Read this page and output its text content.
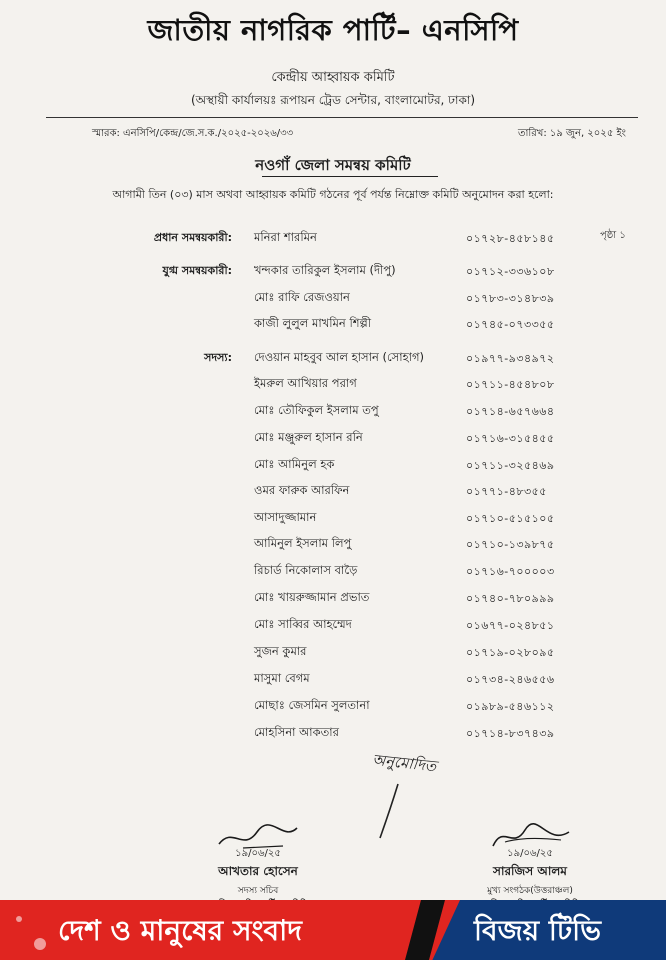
জাতীয় নাগরিক পার্টি– এনসিপি
কেন্দ্রীয় আহ্বায়ক কমিটি
(অস্থায়ী কার্যালয়ঃ রূপায়ন ট্রেড সেন্টার, বাংলামোটর, ঢাকা)
স্মারক: এনসিপি/কেন্দ্র/জে.স.ক./২০২৫-২০২৬/৩৩	তারিখ: ১৯ জুন, ২০২৫ ইং
নওগাঁ জেলা সমন্বয় কমিটি
আগামী তিন (০৩) মাস অথবা আহ্বায়ক কমিটি গঠনের পূর্ব পর্যন্ত নিম্নোক্ত কমিটি অনুমোদন করা হলো:
পৃষ্ঠা ১
প্রধান সমন্বয়কারী: মনিরা শারমিন	০১৭২৮-৪৫৮১৪৫
যুগ্ম সমন্বয়কারী: খন্দকার তারিকুল ইসলাম (দীপু)	০১৭১২-৩৩৬১০৮
মোঃ রাফি রেজওয়ান	০১৭৮৩-৩১৪৮৩৯
কাজী লুলুল মাখমিন শিল্পী	০১৭৪৫-০৭৩৩৫৫
সদস্য: দেওয়ান মাহবুব আল হাসান (সোহাগ)	০১৯৭৭-৯৩৪৯৭২
ইমরুল আখিয়ার পরাগ	০১৭১১-৪৫৪৮০৮
মোঃ তৌফিকুল ইসলাম তপু	০১৭১৪-৬৫৭৬৬৪
মোঃ মঞ্জুরুল হাসান রনি	০১৭১৬-৩১৫৪৫৫
মোঃ আমিনুল হক	০১৭১১-৩২৫৪৬৯
ওমর ফারুক আরফিন	০১৭৭১-৪৮৩৫৫
আসাদুজ্জামান	০১৭১০-৫১৫১০৫
আমিনুল ইসলাম লিপু	০১৭১০-১৩৯৮৭৫
রিচার্ড নিকোলাস বাড়ৈ	০১৭১৬-৭০০০০৩
মোঃ খায়রুজ্জামান প্রভাত	০১৭৪০-৭৮০৯৯৯
মোঃ সাব্বির আহম্মেদ	০১৬৭৭-০২৪৮৫১
সুজন কুমার	০১৭১৯-০২৮০৯৫
মাসুমা বেগম	০১৭৩৪-২৪৬৫৫৬
মোছাঃ জেসমিন সুলতানা	০১৯৮৯-৫৪৬১১২
মোহসিনা আকতার	০১৭১৪-৮৩৭৪৩৯
অনুমোদিত
১৯/০৬/২৫
আখতার হোসেন
সদস্য সচিব
১৯/০৬/২৫
সারজিস আলম
মুখ্য সংগঠক(উত্তরাঞ্চল)
দেশ ও মানুষের সংবাদ	বিজয় টিভি
